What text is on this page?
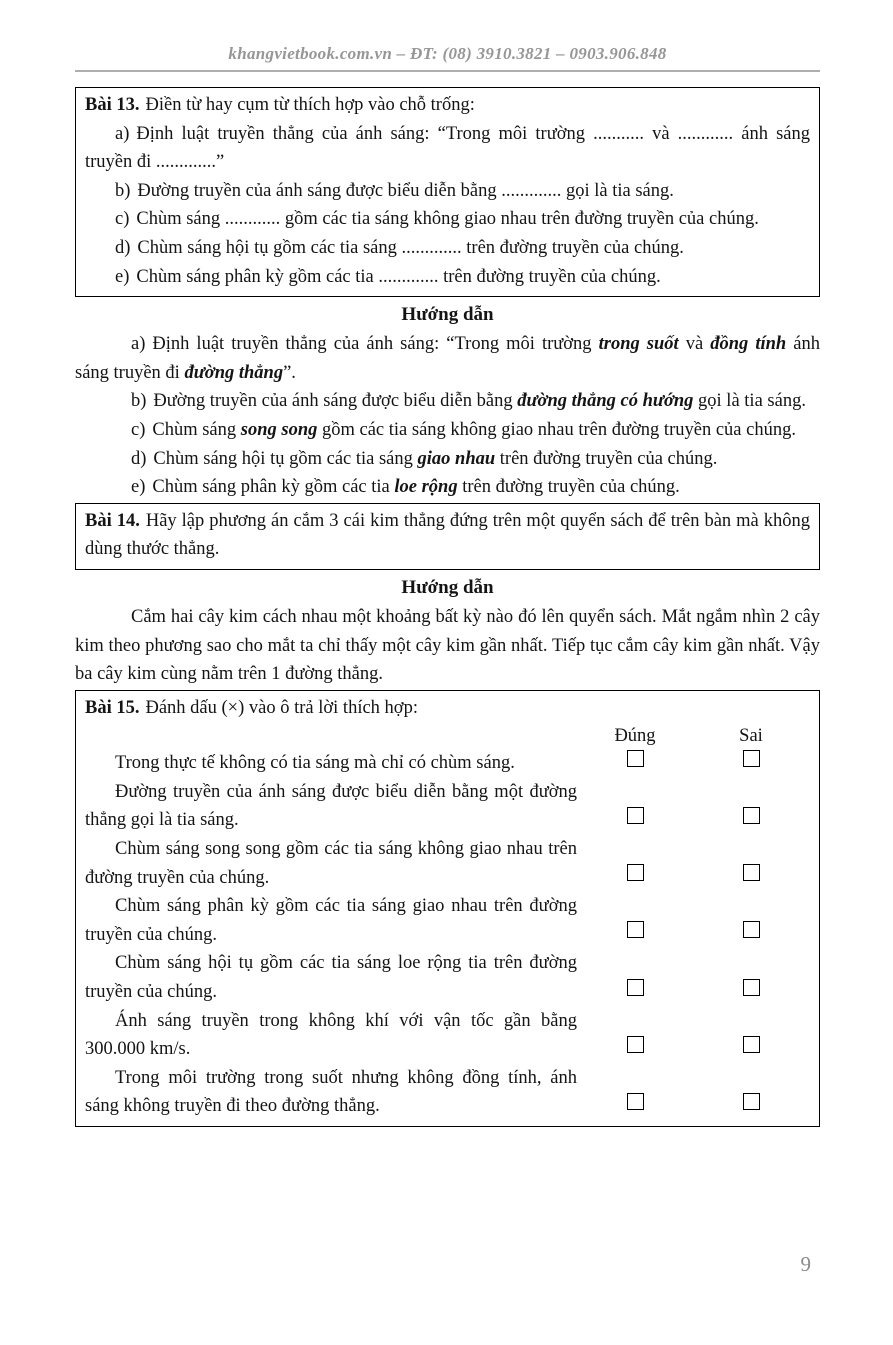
khangvietbook.com.vn – ĐT: (08) 3910.3821 – 0903.906.848

Bài 13. Điền từ hay cụm từ thích hợp vào chỗ trống:

a) Định luật truyền thẳng của ánh sáng: “Trong môi trường ........... và ............ ánh sáng truyền đi .............”

b) Đường truyền của ánh sáng được biểu diễn bằng ............. gọi là tia sáng.

c) Chùm sáng ............ gồm các tia sáng không giao nhau trên đường truyền của chúng.

d) Chùm sáng hội tụ gồm các tia sáng ............. trên đường truyền của chúng.

e) Chùm sáng phân kỳ gồm các tia ............. trên đường truyền của chúng.

Hướng dẫn

a) Định luật truyền thẳng của ánh sáng: “Trong môi trường trong suốt và đồng tính ánh sáng truyền đi đường thẳng”.

b) Đường truyền của ánh sáng được biểu diễn bằng đường thẳng có hướng gọi là tia sáng.

c) Chùm sáng song song gồm các tia sáng không giao nhau trên đường truyền của chúng.

d) Chùm sáng hội tụ gồm các tia sáng giao nhau trên đường truyền của chúng.

e) Chùm sáng phân kỳ gồm các tia loe rộng trên đường truyền của chúng.

Bài 14. Hãy lập phương án cắm 3 cái kim thẳng đứng trên một quyển sách để trên bàn mà không dùng thước thẳng.

Hướng dẫn

Cắm hai cây kim cách nhau một khoảng bất kỳ nào đó lên quyển sách. Mắt ngắm nhìn 2 cây kim theo phương sao cho mắt ta chỉ thấy một cây kim gần nhất. Tiếp tục cắm cây kim gần nhất. Vậy ba cây kim cùng nằm trên 1 đường thẳng.

Bài 15. Đánh dấu (×) vào ô trả lời thích hợp:

Đúng	Sai

Trong thực tế không có tia sáng mà chỉ có chùm sáng.

Đường truyền của ánh sáng được biểu diễn bằng một đường thẳng gọi là tia sáng.

Chùm sáng song song gồm các tia sáng không giao nhau trên đường truyền của chúng.

Chùm sáng phân kỳ gồm các tia sáng giao nhau trên đường truyền của chúng.

Chùm sáng hội tụ gồm các tia sáng loe rộng tia trên đường truyền của chúng.

Ánh sáng truyền trong không khí với vận tốc gần bằng 300.000 km/s.

Trong môi trường trong suốt nhưng không đồng tính, ánh sáng không truyền đi theo đường thẳng.

9
